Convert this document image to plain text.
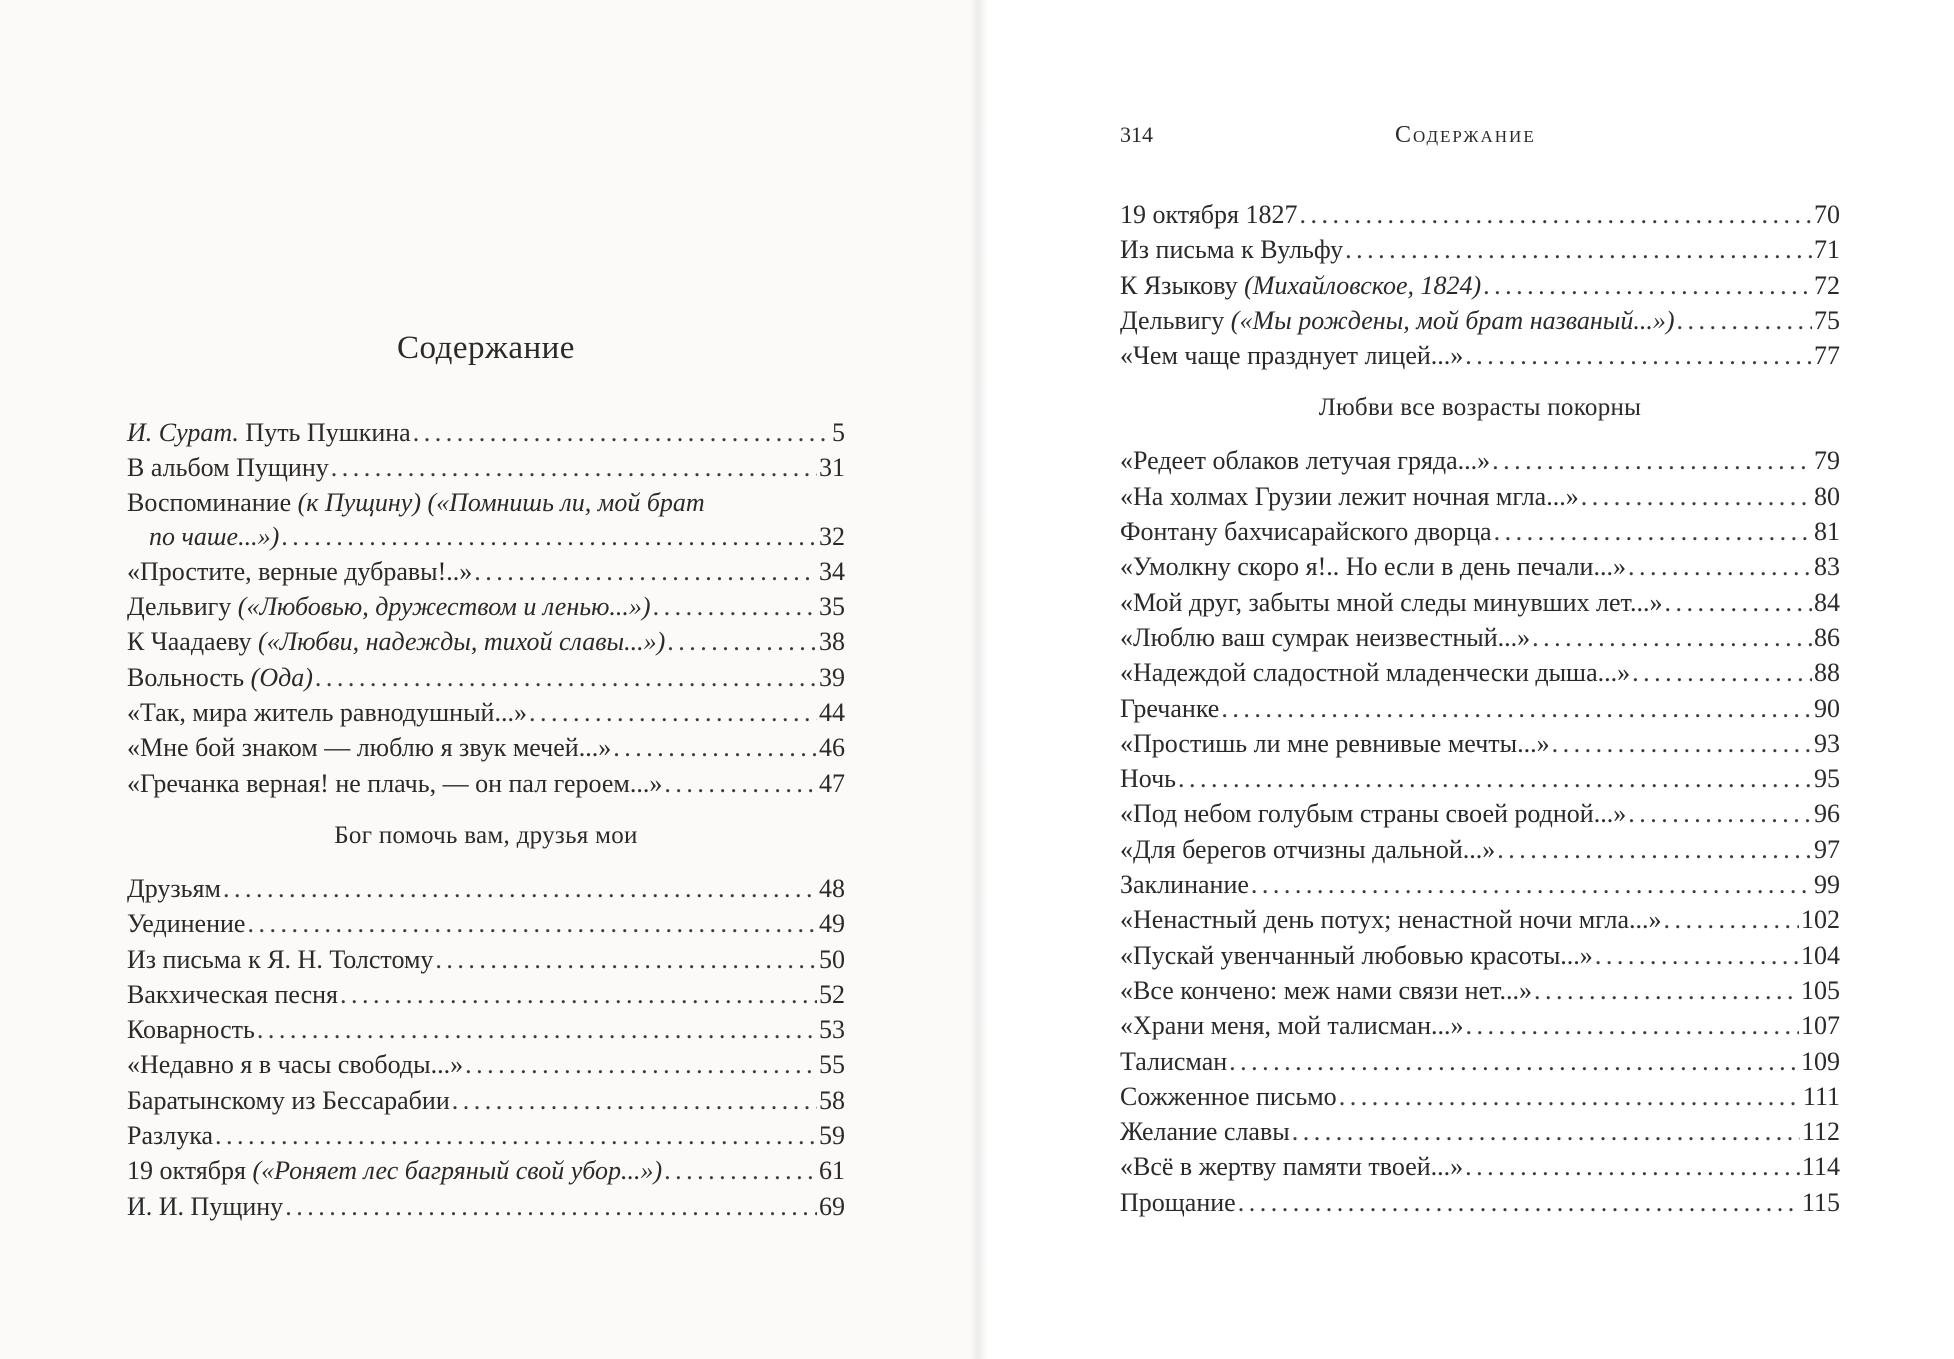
Содержание
И. Сурат. Путь Пушкина . . .	5
В альбом Пущину . . .	31
Воспоминание (к Пущину) («Помнишь ли, мой брат
по чаше...») . . .	32
«Простите, верные дубравы!..» . . .	34
Дельвигу («Любовью, дружеством и ленью...») . . .	35
К Чаадаеву («Любви, надежды, тихой славы...») . . .	38
Вольность (Ода) . . .	39
«Так, мира житель равнодушный...» . . .	44
«Мне бой знаком — люблю я звук мечей...» . . .	46
«Гречанка верная! не плачь, — он пал героем...» . . .	47
Бог помочь вам, друзья мои
Друзьям . . .	48
Уединение . . .	49
Из письма к Я. Н. Толстому . . .	50
Вакхическая песня . . .	52
Коварность . . .	53
«Недавно я в часы свободы...» . . .	55
Баратынскому из Бессарабии . . .	58
Разлука . . .	59
19 октября («Роняет лес багряный свой убор...») . . .	61
И. И. Пущину . . .	69
314	Содержание
19 октября 1827 . . .	70
Из письма к Вульфу . . .	71
К Языкову (Михайловское, 1824) . . .	72
Дельвигу («Мы рождены, мой брат названый...») . . .	75
«Чем чаще празднует лицей...» . . .	77
Любви все возрасты покорны
«Редеет облаков летучая гряда...» . . .	79
«На холмах Грузии лежит ночная мгла...» . . .	80
Фонтану бахчисарайского дворца . . .	81
«Умолкну скоро я!.. Но если в день печали...» . . .	83
«Мой друг, забыты мной следы минувших лет...» . . .	84
«Люблю ваш сумрак неизвестный...» . . .	86
«Надеждой сладостной младенчески дыша...» . . .	88
Гречанке . . .	90
«Простишь ли мне ревнивые мечты...» . . .	93
Ночь . . .	95
«Под небом голубым страны своей родной...» . . .	96
«Для берегов отчизны дальной...» . . .	97
Заклинание . . .	99
«Ненастный день потух; ненастной ночи мгла...» . . .	102
«Пускай увенчанный любовью красоты...» . . .	104
«Все кончено: меж нами связи нет...» . . .	105
«Храни меня, мой талисман...» . . .	107
Талисман . . .	109
Сожженное письмо . . .	111
Желание славы . . .	112
«Всё в жертву памяти твоей...» . . .	114
Прощание . . .	115
